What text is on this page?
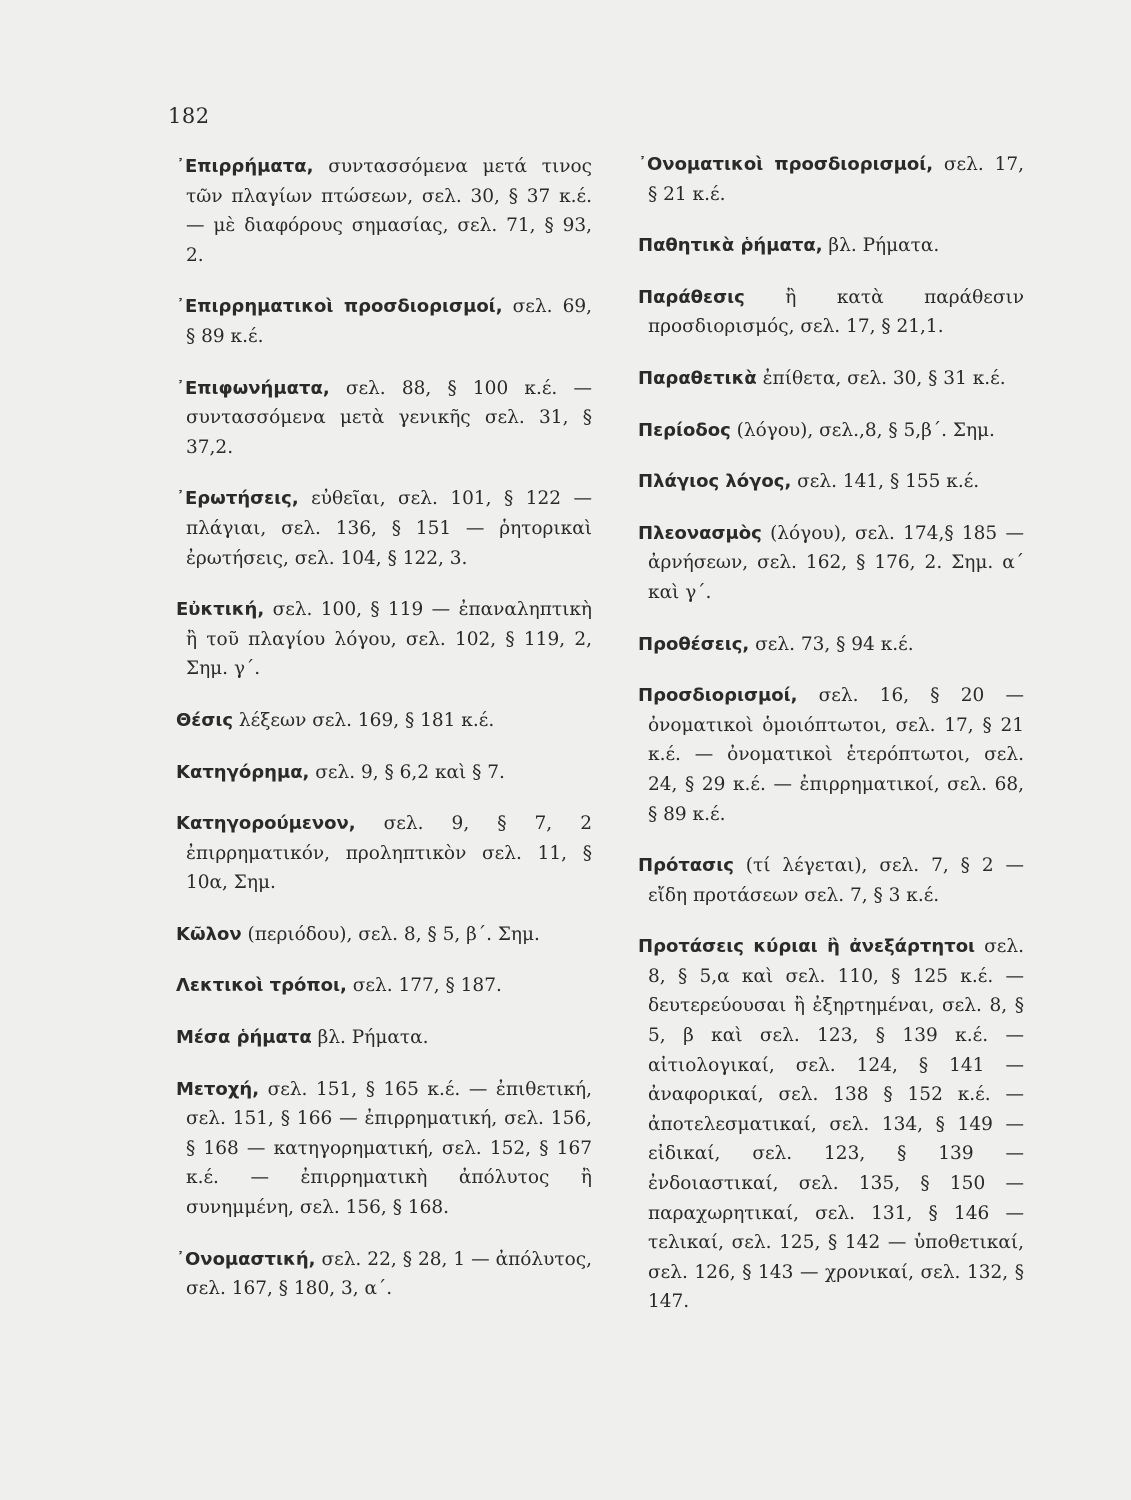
182

᾿Επιρρήματα, συντασσόμενα μετά τινος τῶν πλαγίων πτώσεων, σελ. 30, § 37 κ.έ. — μὲ διαφόρους σημασίας, σελ. 71, § 93, 2.

᾿Επιρρηματικοὶ προσδιορισμοί, σελ. 69, § 89 κ.έ.

᾿Επιφωνήματα, σελ. 88, § 100 κ.έ. — συντασσόμενα μετὰ γενικῆς σελ. 31, § 37,2.

᾿Ερωτήσεις, εὐθεῖαι, σελ. 101, § 122 — πλάγιαι, σελ. 136, § 151 — ῥητορικαὶ ἐρωτήσεις, σελ. 104, § 122, 3.

Εὐκτική, σελ. 100, § 119 — ἐπαναληπτικὴ ἢ τοῦ πλαγίου λόγου, σελ. 102, § 119, 2, Σημ. γ΄.

Θέσις λέξεων σελ. 169, § 181 κ.έ.

Κατηγόρημα, σελ. 9, § 6,2 καὶ § 7.

Κατηγορούμενον, σελ. 9, § 7, 2 ἐπιρρηματικόν, προληπτικὸν σελ. 11, § 10α, Σημ.

Κῶλον (περιόδου), σελ. 8, § 5, β΄. Σημ.

Λεκτικοὶ τρόποι, σελ. 177, § 187.

Μέσα ῥήματα βλ. Ρήματα.

Μετοχή, σελ. 151, § 165 κ.έ. — ἐπιθετική, σελ. 151, § 166 — ἐπιρρηματική, σελ. 156, § 168 — κατηγορηματική, σελ. 152, § 167 κ.έ. — ἐπιρρηματικὴ ἀπόλυτος ἢ συνημμένη, σελ. 156, § 168.

᾿Ονομαστική, σελ. 22, § 28, 1 — ἀπόλυτος, σελ. 167, § 180, 3, α΄.

᾿Ονοματικοὶ προσδιορισμοί, σελ. 17, § 21 κ.έ.

Παθητικὰ ῥήματα, βλ. Ρήματα.

Παράθεσις ἢ κατὰ παράθεσιν προσδιορισμός, σελ. 17, § 21,1.

Παραθετικὰ ἐπίθετα, σελ. 30, § 31 κ.έ.

Περίοδος (λόγου), σελ.,8, § 5,β΄. Σημ.

Πλάγιος λόγος, σελ. 141, § 155 κ.έ.

Πλεονασμὸς (λόγου), σελ. 174,§ 185 — ἀρνήσεων, σελ. 162, § 176, 2. Σημ. α΄ καὶ γ΄.

Προθέσεις, σελ. 73, § 94 κ.έ.

Προσδιορισμοί, σελ. 16, § 20 — ὀνοματικοὶ ὁμοιόπτωτοι, σελ. 17, § 21 κ.έ. — ὀνοματικοὶ ἑτερόπτωτοι, σελ. 24, § 29 κ.έ. — ἐπιρρηματικοί, σελ. 68, § 89 κ.έ.

Πρότασις (τί λέγεται), σελ. 7, § 2 — εἴδη προτάσεων σελ. 7, § 3 κ.έ.

Προτάσεις κύριαι ἢ ἀνεξάρτητοι σελ. 8, § 5,α καὶ σελ. 110, § 125 κ.έ. — δευτερεύουσαι ἢ ἐξηρτημέναι, σελ. 8, § 5, β καὶ σελ. 123, § 139 κ.έ. — αἰτιολογικαί, σελ. 124, § 141 — ἀναφορικαί, σελ. 138 § 152 κ.έ. — ἀποτελεσματικαί, σελ. 134, § 149 — εἰδικαί, σελ. 123, § 139 — ἐνδοιαστικαί, σελ. 135, § 150 — παραχωρητικαί, σελ. 131, § 146 — τελικαί, σελ. 125, § 142 — ὑποθετικαί, σελ. 126, § 143 — χρονικαί, σελ. 132, § 147.
